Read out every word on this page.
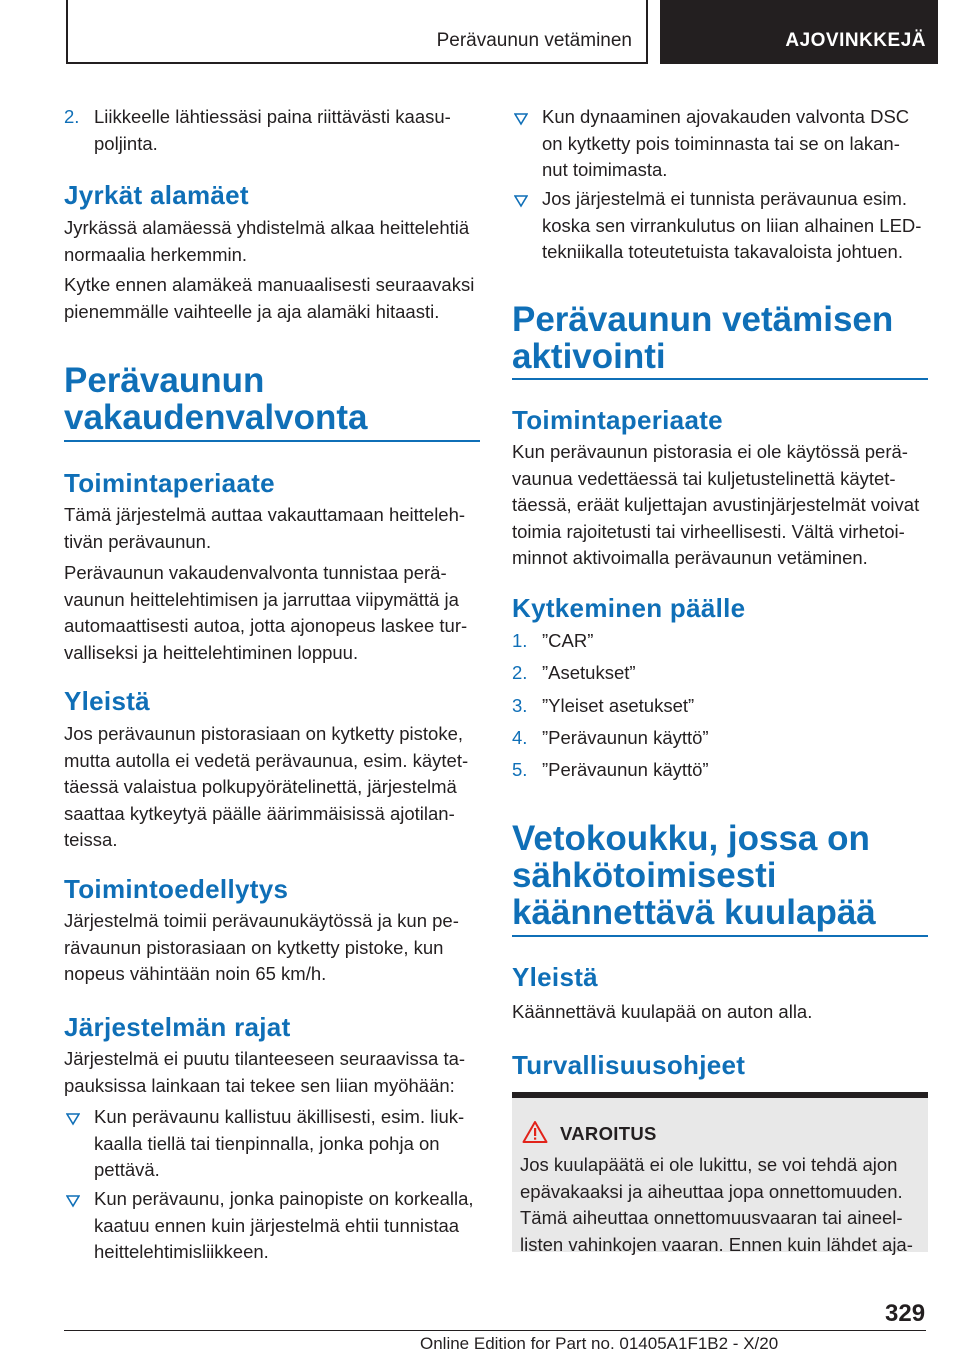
Perävaunun vetäminen	AJOVINKKEJÄ
2. Liikkeelle lähtiessäsi paina riittävästi kaasu-
poljinta.
Jyrkät alamäet
Jyrkässä alamäessä yhdistelmä alkaa heittelehtiä
normaalia herkemmin.
Kytke ennen alamäkeä manuaalisesti seuraavaksi
pienemmälle vaihteelle ja aja alamäki hitaasti.
Perävaunun
vakaudenvalvonta
Toimintaperiaate
Tämä järjestelmä auttaa vakauttamaan heitteleh-
tivän perävaunun.
Perävaunun vakaudenvalvonta tunnistaa perä-
vaunun heittelehtimisen ja jarruttaa viipymättä ja
automaattisesti autoa, jotta ajonopeus laskee tur-
valliseksi ja heittelehtiminen loppuu.
Yleistä
Jos perävaunun pistorasiaan on kytketty pistoke,
mutta autolla ei vedetä perävaunua, esim. käytet-
täessä valaistua polkupyörätelinettä, järjestelmä
saattaa kytkeytyä päälle äärimmäisissä ajotilan-
teissa.
Toimintoedellytys
Järjestelmä toimii perävaunukäytössä ja kun pe-
rävaunun pistorasiaan on kytketty pistoke, kun
nopeus vähintään noin 65 km/h.
Järjestelmän rajat
Järjestelmä ei puutu tilanteeseen seuraavissa ta-
pauksissa lainkaan tai tekee sen liian myöhään:
Kun perävaunu kallistuu äkillisesti, esim. liuk-
kaalla tiellä tai tienpinnalla, jonka pohja on
pettävä.
Kun perävaunu, jonka painopiste on korkealla,
kaatuu ennen kuin järjestelmä ehtii tunnistaa
heittelehtimisliikkeen.
Kun dynaaminen ajovakauden valvonta DSC
on kytketty pois toiminnasta tai se on lakan-
nut toimimasta.
Jos järjestelmä ei tunnista perävaunua esim.
koska sen virrankulutus on liian alhainen LED-
tekniikalla toteutetuista takavaloista johtuen.
Perävaunun vetämisen
aktivointi
Toimintaperiaate
Kun perävaunun pistorasia ei ole käytössä perä-
vaunua vedettäessä tai kuljetustelinettä käytet-
täessä, eräät kuljettajan avustinjärjestelmät voivat
toimia rajoitetusti tai virheellisesti. Vältä virhetoi-
minnot aktivoimalla perävaunun vetäminen.
Kytkeminen päälle
1. ”CAR”
2. ”Asetukset”
3. ”Yleiset asetukset”
4. ”Perävaunun käyttö”
5. ”Perävaunun käyttö”
Vetokoukku, jossa on
sähkötoimisesti
käännettävä kuulapää
Yleistä
Käännettävä kuulapää on auton alla.
Turvallisuusohjeet
VAROITUS
Jos kuulapäätä ei ole lukittu, se voi tehdä ajon
epävakaaksi ja aiheuttaa jopa onnettomuuden.
Tämä aiheuttaa onnettomuusvaaran tai aineel-
listen vahinkojen vaaran. Ennen kuin lähdet aja-
329
Online Edition for Part no. 01405A1F1B2 - X/20
